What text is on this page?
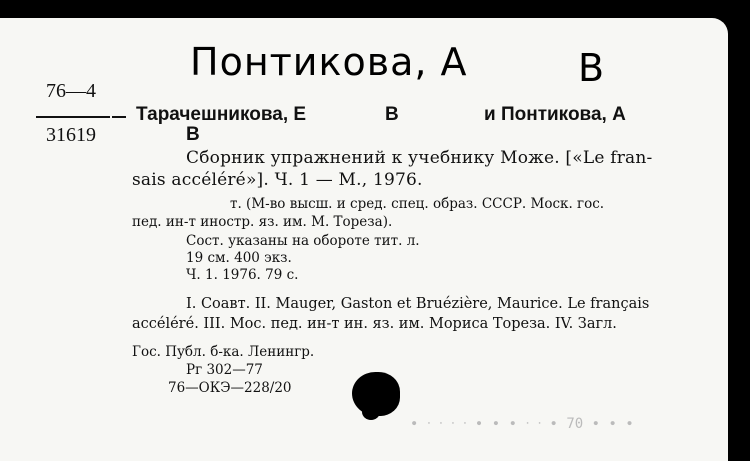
Понтикова, А	В
76—4
31619
Тарачешникова, Е	В	и Понтикова, А
В
Сборник упражнений к учебнику Може. [«Le fran-
sais accéléré»]. Ч. 1 — М., 1976.
т. (М-во высш. и сред. спец. образ. СССР. Моск. гос.
пед. ин-т иностр. яз. им. М. Тореза).
Сост. указаны на обороте тит. л.
19 см. 400 экз.
Ч. 1. 1976. 79 с.
I. Соавт. II. Mauger, Gaston et Bruézière, Maurice. Le français
accéléré. III. Мос. пед. ин-т ин. яз. им. Мориса Тореза. IV. Загл.
Гос. Публ. б-ка. Ленингр.
Рг 302—77
76—ОКЭ—228/20
∙ ᐧ ᐧ ᐧ ᐧ ∙ ∙ ∙ ᐧ ᐧ ∙ 70 ∙ ∙ ∙
